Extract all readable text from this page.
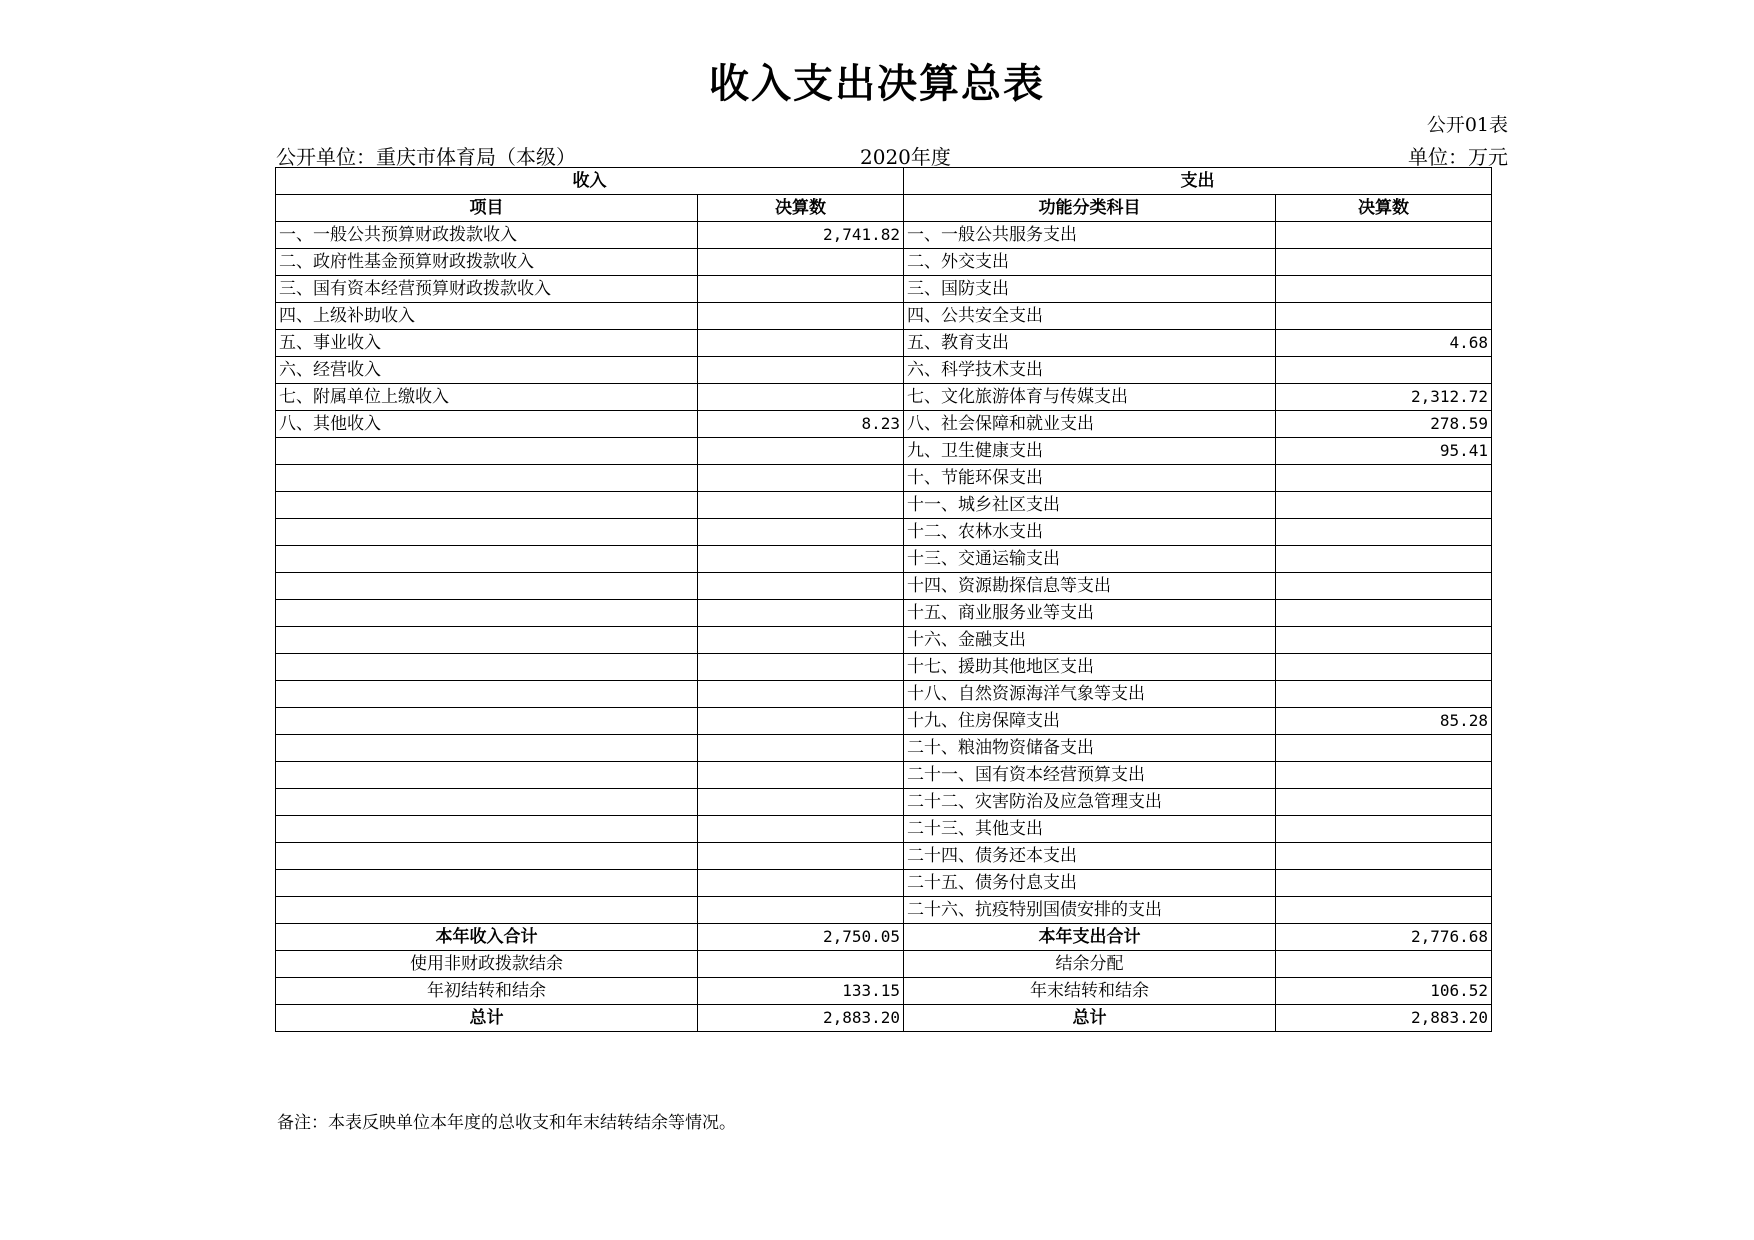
收入支出决算总表
公开01表
公开单位：重庆市体育局（本级）	2020年度	单位：万元
收入		支出	
项目	决算数	功能分类科目	决算数
一、一般公共预算财政拨款收入	2,741.82	一、一般公共服务支出	
二、政府性基金预算财政拨款收入		二、外交支出	
三、国有资本经营预算财政拨款收入		三、国防支出	
四、上级补助收入		四、公共安全支出	
五、事业收入		五、教育支出	4.68
六、经营收入		六、科学技术支出	
七、附属单位上缴收入		七、文化旅游体育与传媒支出	2,312.72
八、其他收入	8.23	八、社会保障和就业支出	278.59
		九、卫生健康支出	95.41
		十、节能环保支出	
		十一、城乡社区支出	
		十二、农林水支出	
		十三、交通运输支出	
		十四、资源勘探信息等支出	
		十五、商业服务业等支出	
		十六、金融支出	
		十七、援助其他地区支出	
		十八、自然资源海洋气象等支出	
		十九、住房保障支出	85.28
		二十、粮油物资储备支出	
		二十一、国有资本经营预算支出	
		二十二、灾害防治及应急管理支出	
		二十三、其他支出	
		二十四、债务还本支出	
		二十五、债务付息支出	
		二十六、抗疫特别国债安排的支出	
本年收入合计	2,750.05	本年支出合计	2,776.68
使用非财政拨款结余		结余分配	
年初结转和结余	133.15	年末结转和结余	106.52
总计	2,883.20	总计	2,883.20
备注：本表反映单位本年度的总收支和年末结转结余等情况。
